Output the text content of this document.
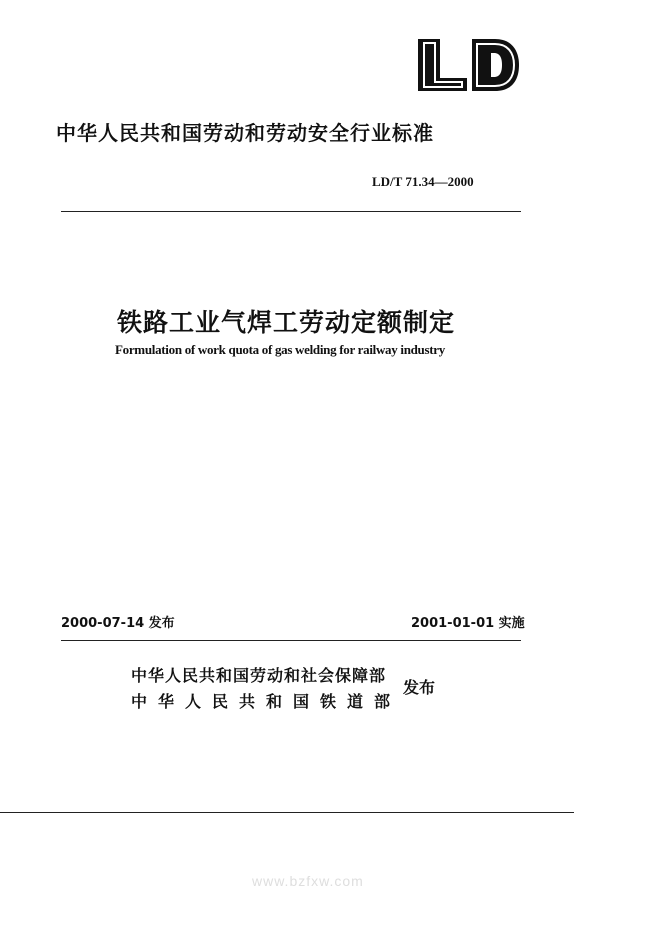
中华人民共和国劳动和劳动安全行业标准
LD/T 71.34—2000
铁路工业气焊工劳动定额制定
Formulation of work quota of gas welding for railway industry
2000-07-14 发布	2001-01-01 实施
中华人民共和国劳动和社会保障部
中华人民共和国铁道部
发布
www.bzfxw.com
